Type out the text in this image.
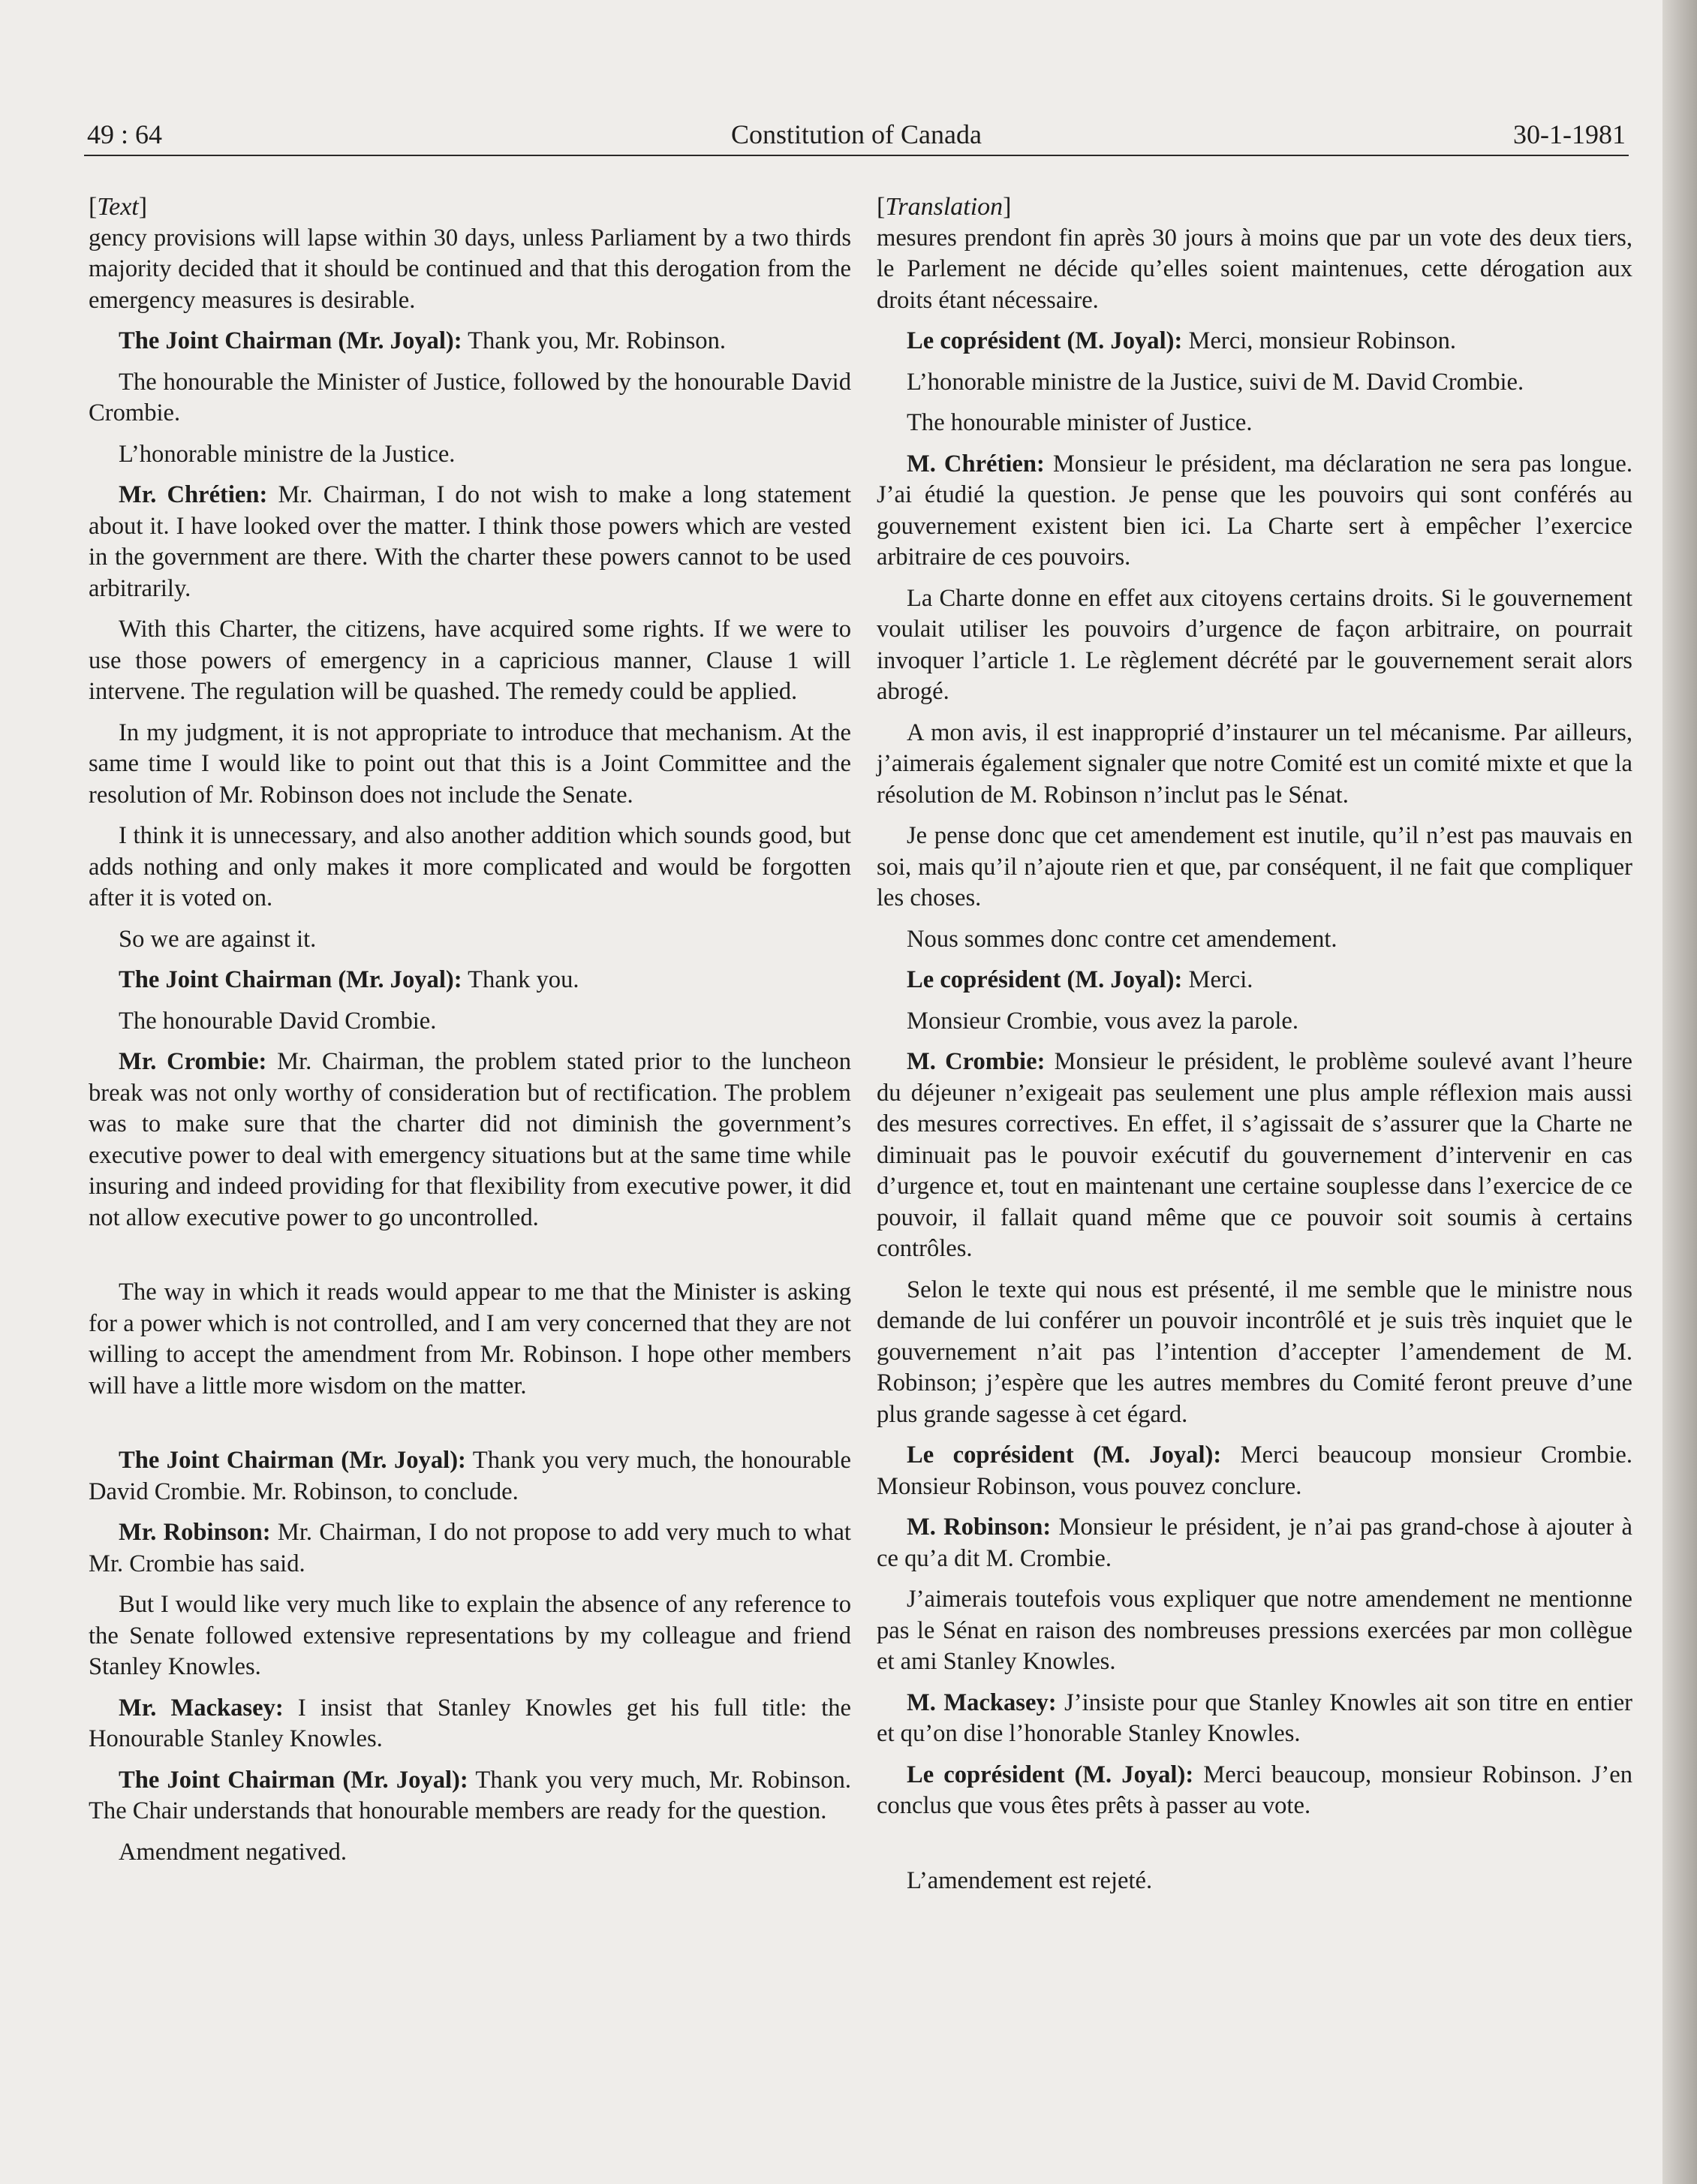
49 : 64	Constitution of Canada	30-1-1981
[Text]

gency provisions will lapse within 30 days, unless Parliament by a two thirds majority decided that it should be continued and that this derogation from the emergency measures is desirable.

The Joint Chairman (Mr. Joyal): Thank you, Mr. Robinson.

The honourable the Minister of Justice, followed by the honourable David Crombie.

L’honorable ministre de la Justice.

Mr. Chrétien: Mr. Chairman, I do not wish to make a long statement about it. I have looked over the matter. I think those powers which are vested in the government are there. With the charter these powers cannot to be used arbitrarily.

With this Charter, the citizens, have acquired some rights. If we were to use those powers of emergency in a capricious manner, Clause 1 will intervene. The regulation will be quashed. The remedy could be applied.

In my judgment, it is not appropriate to introduce that mechanism. At the same time I would like to point out that this is a Joint Committee and the resolution of Mr. Robinson does not include the Senate.

I think it is unnecessary, and also another addition which sounds good, but adds nothing and only makes it more complicated and would be forgotten after it is voted on.

So we are against it.

The Joint Chairman (Mr. Joyal): Thank you.

The honourable David Crombie.

Mr. Crombie: Mr. Chairman, the problem stated prior to the luncheon break was not only worthy of consideration but of rectification. The problem was to make sure that the charter did not diminish the government’s executive power to deal with emergency situations but at the same time while insuring and indeed providing for that flexibility from executive power, it did not allow executive power to go uncontrolled.

The way in which it reads would appear to me that the Minister is asking for a power which is not controlled, and I am very concerned that they are not willing to accept the amendment from Mr. Robinson. I hope other members will have a little more wisdom on the matter.

The Joint Chairman (Mr. Joyal): Thank you very much, the honourable David Crombie. Mr. Robinson, to conclude.

Mr. Robinson: Mr. Chairman, I do not propose to add very much to what Mr. Crombie has said.

But I would like very much like to explain the absence of any reference to the Senate followed extensive representations by my colleague and friend Stanley Knowles.

Mr. Mackasey: I insist that Stanley Knowles get his full title: the Honourable Stanley Knowles.

The Joint Chairman (Mr. Joyal): Thank you very much, Mr. Robinson. The Chair understands that honourable members are ready for the question.

Amendment negatived.

[Translation]

mesures prendont fin après 30 jours à moins que par un vote des deux tiers, le Parlement ne décide qu’elles soient maintenues, cette dérogation aux droits étant nécessaire.

Le coprésident (M. Joyal): Merci, monsieur Robinson.

L’honorable ministre de la Justice, suivi de M. David Crombie.

The honourable minister of Justice.

M. Chrétien: Monsieur le président, ma déclaration ne sera pas longue. J’ai étudié la question. Je pense que les pouvoirs qui sont conférés au gouvernement existent bien ici. La Charte sert à empêcher l’exercice arbitraire de ces pouvoirs.

La Charte donne en effet aux citoyens certains droits. Si le gouvernement voulait utiliser les pouvoirs d’urgence de façon arbitraire, on pourrait invoquer l’article 1. Le règlement décrété par le gouvernement serait alors abrogé.

A mon avis, il est inapproprié d’instaurer un tel mécanisme. Par ailleurs, j’aimerais également signaler que notre Comité est un comité mixte et que la résolution de M. Robinson n’inclut pas le Sénat.

Je pense donc que cet amendement est inutile, qu’il n’est pas mauvais en soi, mais qu’il n’ajoute rien et que, par conséquent, il ne fait que compliquer les choses.

Nous sommes donc contre cet amendement.

Le coprésident (M. Joyal): Merci.

Monsieur Crombie, vous avez la parole.

M. Crombie: Monsieur le président, le problème soulevé avant l’heure du déjeuner n’exigeait pas seulement une plus ample réflexion mais aussi des mesures correctives. En effet, il s’agissait de s’assurer que la Charte ne diminuait pas le pouvoir exécutif du gouvernement d’intervenir en cas d’urgence et, tout en maintenant une certaine souplesse dans l’exercice de ce pouvoir, il fallait quand même que ce pouvoir soit soumis à certains contrôles.

Selon le texte qui nous est présenté, il me semble que le ministre nous demande de lui conférer un pouvoir incontrôlé et je suis très inquiet que le gouvernement n’ait pas l’intention d’accepter l’amendement de M. Robinson; j’espère que les autres membres du Comité feront preuve d’une plus grande sagesse à cet égard.

Le coprésident (M. Joyal): Merci beaucoup monsieur Crombie. Monsieur Robinson, vous pouvez conclure.

M. Robinson: Monsieur le président, je n’ai pas grand-chose à ajouter à ce qu’a dit M. Crombie.

J’aimerais toutefois vous expliquer que notre amendement ne mentionne pas le Sénat en raison des nombreuses pressions exercées par mon collègue et ami Stanley Knowles.

M. Mackasey: J’insiste pour que Stanley Knowles ait son titre en entier et qu’on dise l’honorable Stanley Knowles.

Le coprésident (M. Joyal): Merci beaucoup, monsieur Robinson. J’en conclus que vous êtes prêts à passer au vote.

L’amendement est rejeté.
